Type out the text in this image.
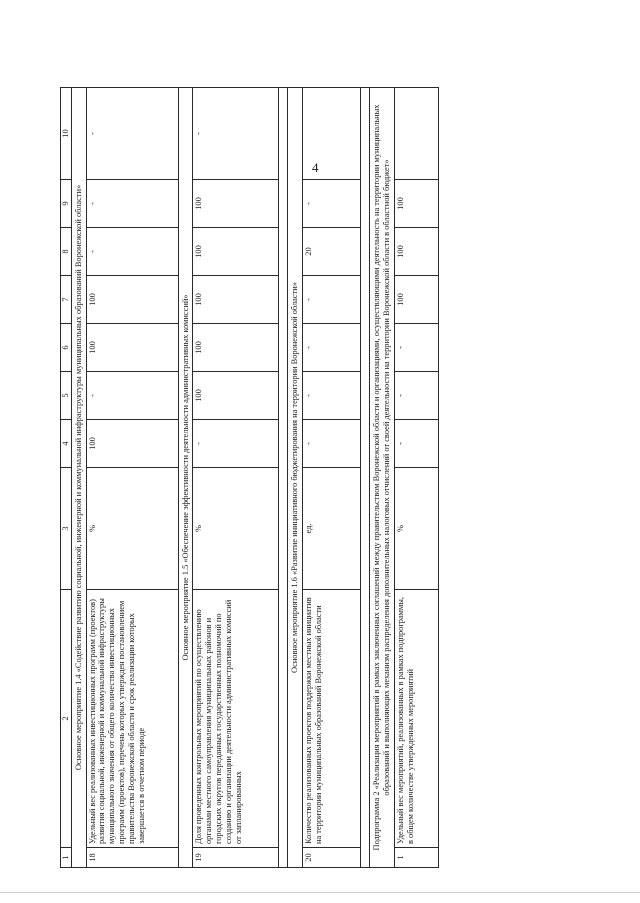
4
1	2	3	4	5	6	7	8	9	10
Основное мероприятие 1.4 «Содействие развитию социальной, инженерной и коммунальной инфраструктуры муниципальных образований Воронежской области»									
18	Удельный вес реализованных инвестиционных программ (проектов) развития социальной, инженерной и коммунальной инфраструктуры муниципального значения от общего количества инвестиционных программ (проектов), перечень которых утвержден постановлением правительства Воронежской области и срок реализации которых завершается в отчетном периоде	%	100	-	100	100	-	-	-
Основное мероприятие 1.5 «Обеспечение эффективности деятельности административных комиссий»									
19	Доля проведенных контрольных мероприятий по осуществлению органами местного самоуправления муниципальных районов и городских округов переданных государственных полномочий по созданию и организации деятельности административных комиссий от запланированных	%	-	100	100	100	100	100	-

Основное мероприятие 1.6 «Развитие инициативного бюджетирования на территории Воронежской области»									
20	Количество реализованных проектов поддержки местных инициатив на территории муниципальных образований Воронежской области	ед.	-	-	-	-	20	-	

Подпрограмма 2 «Реализация мероприятий в рамках заключенных соглашений между правительством Воронежской области и организациями, осуществляющими деятельность на территории муниципальных образований и выполняющих механизм распределения дополнительных налоговых отчислений от своей деятельности на территории Воронежской области в областной бюджет»									
1	Удельный вес мероприятий, реализованных в рамках подпрограммы, в общем количестве утвержденных мероприятий	%	-	-	-	100	100	100	
